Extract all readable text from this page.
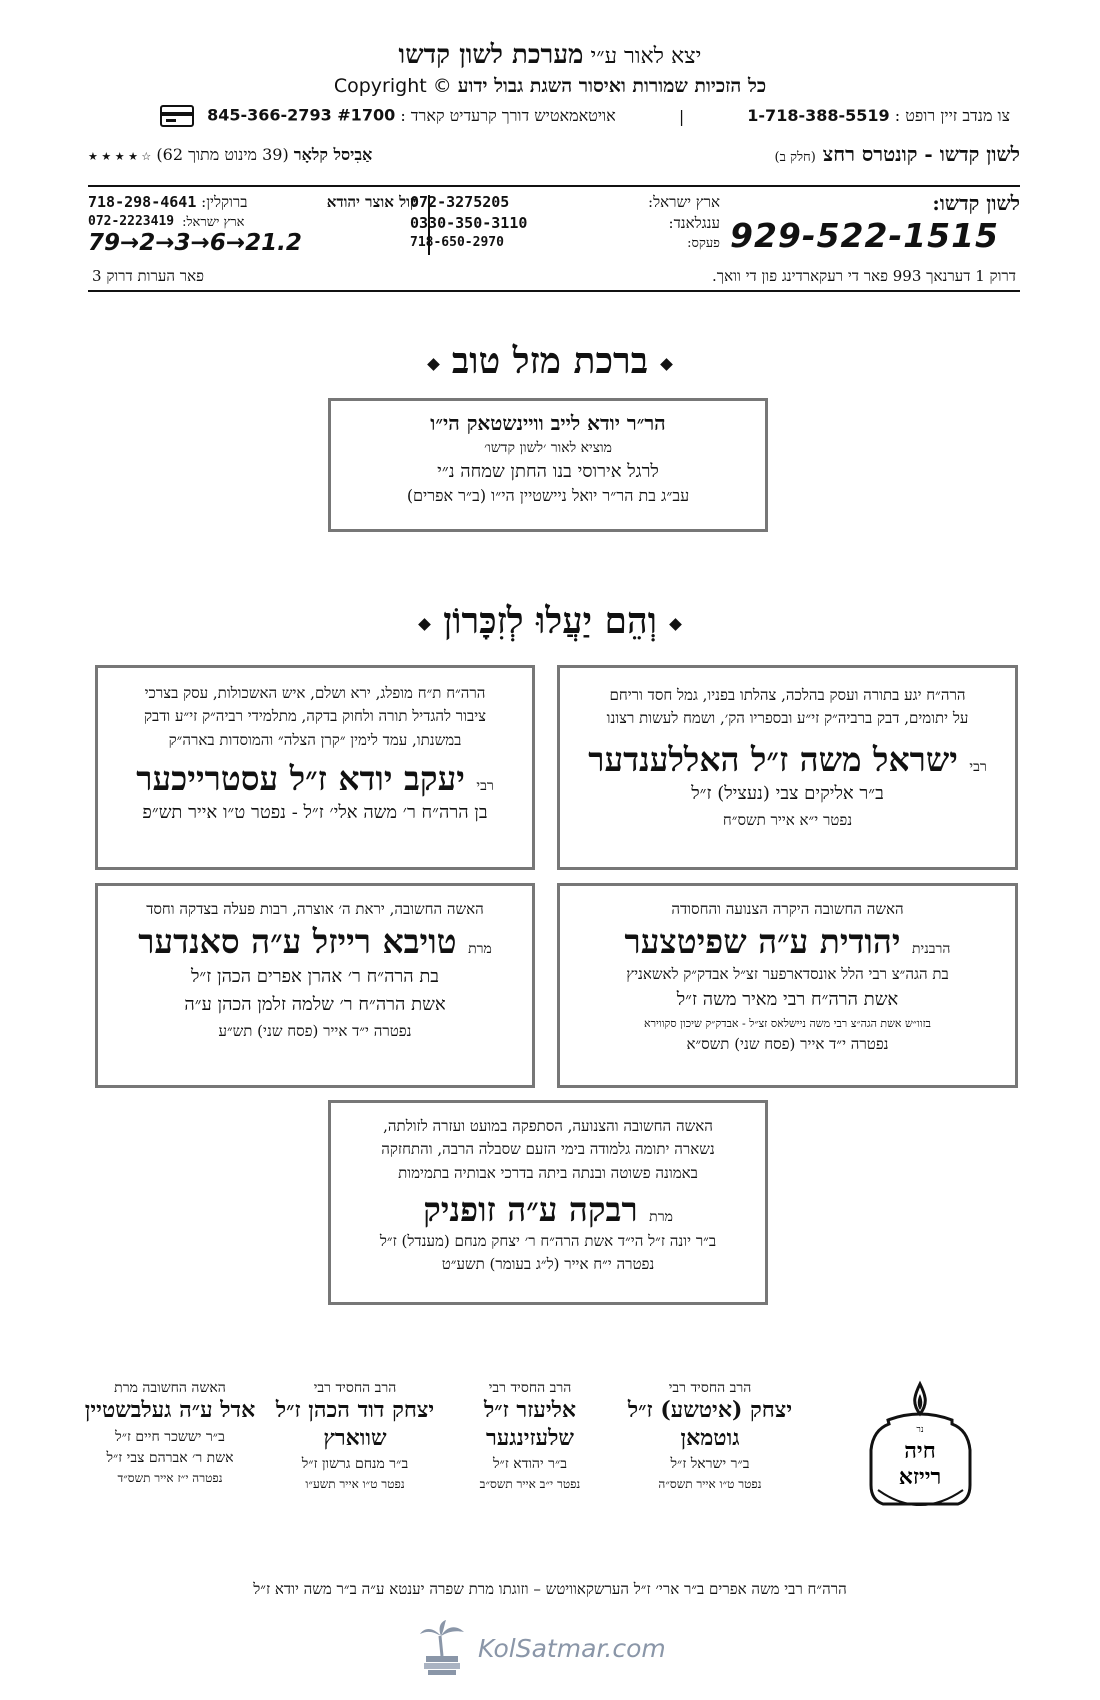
יצא לאור ע״י מערכת לשון קדשו
Copyright © כל הזכיות שמורות ואיסור השגת גבול ידוע
845-366-2793 #1700 אויטאמאטיש דורך קרעדיט קארד :	|	1-718-388-5519 צו מנדב זיין רופט :
אַבִיסל קלאָר (39 מינוט מתוך 62) ★ ★ ★ ★ ☆	לשון קדשו - קונטרס רחצ (חלק ב)
לשון קדשו:
929-522-1515
ארץ ישראל:
072-3275205
ענגלאנד:
0330-350-3110
פעקס:
718-650-2970
קול אוצר יהודא
ברוקלין: 718-298-4641
ארץ ישראל:
072-2223419
79→2→3→6→21.2
דרוק 1 דערנאך 993 פאר די רעקארדינג פון די וואך.
פאר הערות דרוק 3
ברכת מזל טוב
הר״ר יודא לייב וויינשטאק הי״ו
מוציא לאור ׳לשון קדשו׳
לרגל אירוסי בנו החתן שמחה נ״י
עב״ג בת הר״ר יואל ניישטיין הי״ו (ב״ר אפרים)
וְהֵם יַעֲלוּ לְזִכָּרוֹן
הרה״ח יגע בתורה ועסק בהלכה, צהלתו בפניו, גמל חסד וריחם
על יתומים, דבק ברביה״ק זי״ע ובספריו הק׳, ושמח לעשות רצונו
רבי ישראל משה ז״ל האללענדער
ב״ר אליקים צבי (נעציל) ז״ל
נפטר י״א אייר תשס״ח
הרה״ח ת״ח מופלג, ירא ושלם, איש האשכולות, עסק בצרכי
ציבור להגדיל תורה ולחוק בדקה, מתלמידי רביה״ק זי״ע ודבק
במשנתו, עמד לימין ״קרן הצלה״ והמוסדות בארה״ק
רבי יעקב יודא ז״ל עסטרייכער
בן הרה״ח ר׳ משה אלי׳ ז״ל - נפטר ט״ו אייר תש״פ
האשה החשובה היקרה הצנועה והחסודה
הרבנית יהודית ע״ה שפיטצער
בת הגה״צ רבי הלל אונסדארפער זצ״ל אבדק״ק לאשאניץ
אשת הרה״ח רבי מאיר משה ז״ל
בזוו״ש אשת הגה״צ רבי משה ניישלאס זצ״ל - אבדק״ק שיכון סקווירא
נפטרה י״ד אייר (פסח שני) תשס״א
האשה החשובה, יראת ה׳ אוצרה, רבות פעלה בצדקה וחסד
מרת טויבא רייזל ע״ה סאנדער
בת הרה״ח ר׳ אהרן אפרים הכהן ז״ל
אשת הרה״ח ר׳ שלמה זלמן הכהן ע״ה
נפטרה י״ד אייר (פסח שני) תש״ע
האשה החשובה והצנועה, הסתפקה במועט ועזרה לזולתה,
נשארה יתומה גלמודה בימי הזעם שסבלה הרבה, והתחזקה
באמונה פשוטה ובנתה ביתה בדרכי אבותיה בתמימות
מרת רבקה ע״ה זופניק
ב״ר יונה ז״ל הי״ד אשת הרה״ח ר׳ יצחק מנחם (מענדל) ז״ל
נפטרה י״ח אייר (ל״ג בעומר) תשע״ט
נר
חיה
רייזא
הרב החסיד רבי
יצחק (איטשע) ז״ל
גוטמאן
ב״ר ישראל ז״ל
נפטר ט״ו אייר תשס״ה
הרב החסיד רבי
אליעזר ז״ל
שלעזינגער
ב״ר יהודא ז״ל
נפטר י״ב אייר תשס״ב
הרב החסיד רבי
יצחק דוד הכהן ז״ל
שווארץ
ב״ר מנחם גרשון ז״ל
נפטר ט״ו אייר תשע״ו
האשה החשובה מרת
אדל ע״ה געלבשטיין
ב״ר יששכר חיים ז״ל
אשת ר׳ אברהם צבי ז״ל
נפטרה י״ז אייר תשס״ד
הרה״ח רבי משה אפרים ב״ר ארי׳ ז״ל הערשקאוויטש – וזוגתו מרת שפרה יענטא ע״ה ב״ר משה יודא ז״ל
KolSatmar.com
